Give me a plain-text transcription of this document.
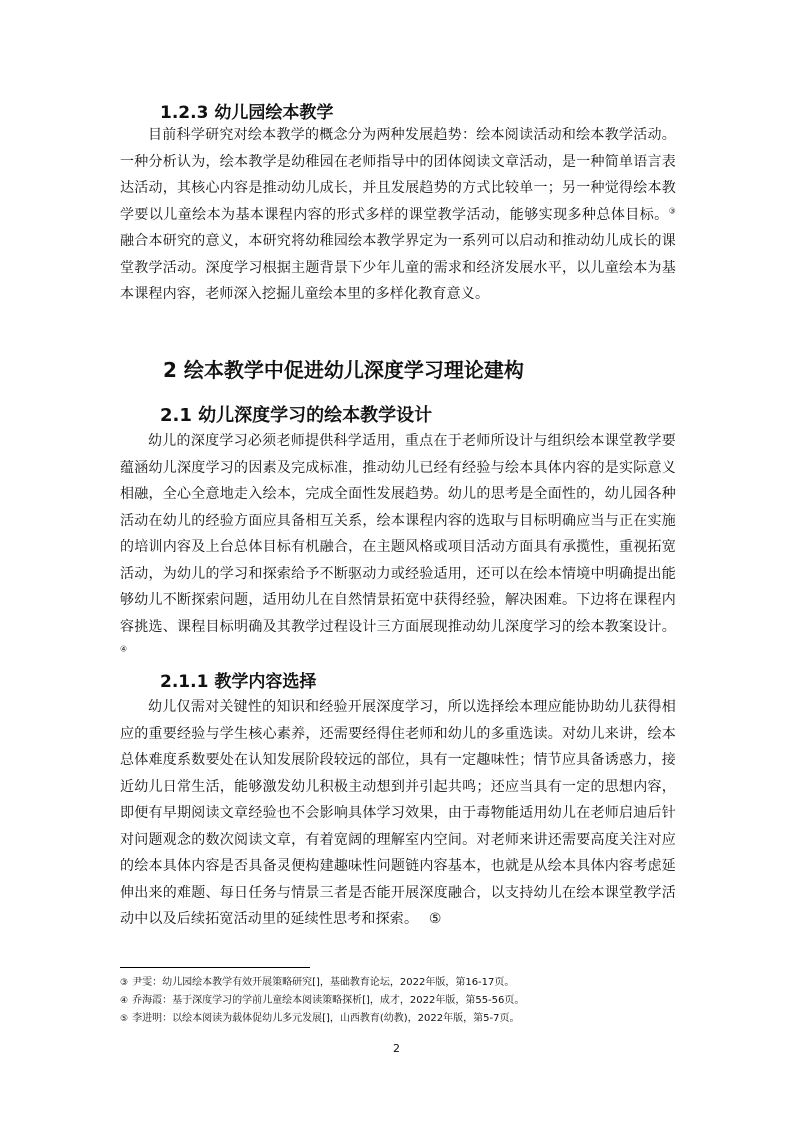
1.2.3 幼儿园绘本教学

目前科学研究对绘本教学的概念分为两种发展趋势：绘本阅读活动和绘本教学活动。一种分析认为，绘本教学是幼稚园在老师指导中的团体阅读文章活动，是一种简单语言表达活动，其核心内容是推动幼儿成长，并且发展趋势的方式比较单一；另一种觉得绘本教学要以儿童绘本为基本课程内容的形式多样的课堂教学活动，能够实现多种总体目标。③融合本研究的意义，本研究将幼稚园绘本教学界定为一系列可以启动和推动幼儿成长的课堂教学活动。深度学习根据主题背景下少年儿童的需求和经济发展水平，以儿童绘本为基本课程内容，老师深入挖掘儿童绘本里的多样化教育意义。

2 绘本教学中促进幼儿深度学习理论建构
2.1 幼儿深度学习的绘本教学设计

幼儿的深度学习必须老师提供科学适用，重点在于老师所设计与组织绘本课堂教学要蕴涵幼儿深度学习的因素及完成标准，推动幼儿已经有经验与绘本具体内容的是实际意义相融，全心全意地走入绘本，完成全面性发展趋势。幼儿的思考是全面性的，幼儿园各种活动在幼儿的经验方面应具备相互关系，绘本课程内容的选取与目标明确应当与正在实施的培训内容及上台总体目标有机融合，在主题风格或项目活动方面具有承揽性，重视拓宽活动，为幼儿的学习和探索给予不断驱动力或经验适用，还可以在绘本情境中明确提出能够幼儿不断探索问题，适用幼儿在自然情景拓宽中获得经验，解决困难。下边将在课程内容挑选、课程目标明确及其教学过程设计三方面展现推动幼儿深度学习的绘本教案设计。④

2.1.1 教学内容选择

幼儿仅需对关键性的知识和经验开展深度学习，所以选择绘本理应能协助幼儿获得相应的重要经验与学生核心素养，还需要经得住老师和幼儿的多重选读。对幼儿来讲，绘本总体难度系数要处在认知发展阶段较远的部位，具有一定趣味性；情节应具备诱惑力，接近幼儿日常生活，能够激发幼儿积极主动想到并引起共鸣；还应当具有一定的思想内容，即便有早期阅读文章经验也不会影响具体学习效果，由于毒物能适用幼儿在老师启迪后针对问题观念的数次阅读文章，有着宽阔的理解室内空间。对老师来讲还需要高度关注对应的绘本具体内容是否具备灵便构建趣味性问题链内容基本，也就是从绘本具体内容考虑延伸出来的难题、每日任务与情景三者是否能开展深度融合，以支持幼儿在绘本课堂教学活动中以及后续拓宽活动里的延续性思考和探索。 ⑤

③ 尹雯：幼儿园绘本教学有效开展策略研究[]，基础教育论坛，2022年版，第16-17页。
④ 乔海霞：基于深度学习的学前儿童绘本阅读策略探析[]，成才，2022年版，第55-56页。
⑤ 李进明：以绘本阅读为载体促幼儿多元发展[]，山西教育(幼教)，2022年版，第5-7页。
2
